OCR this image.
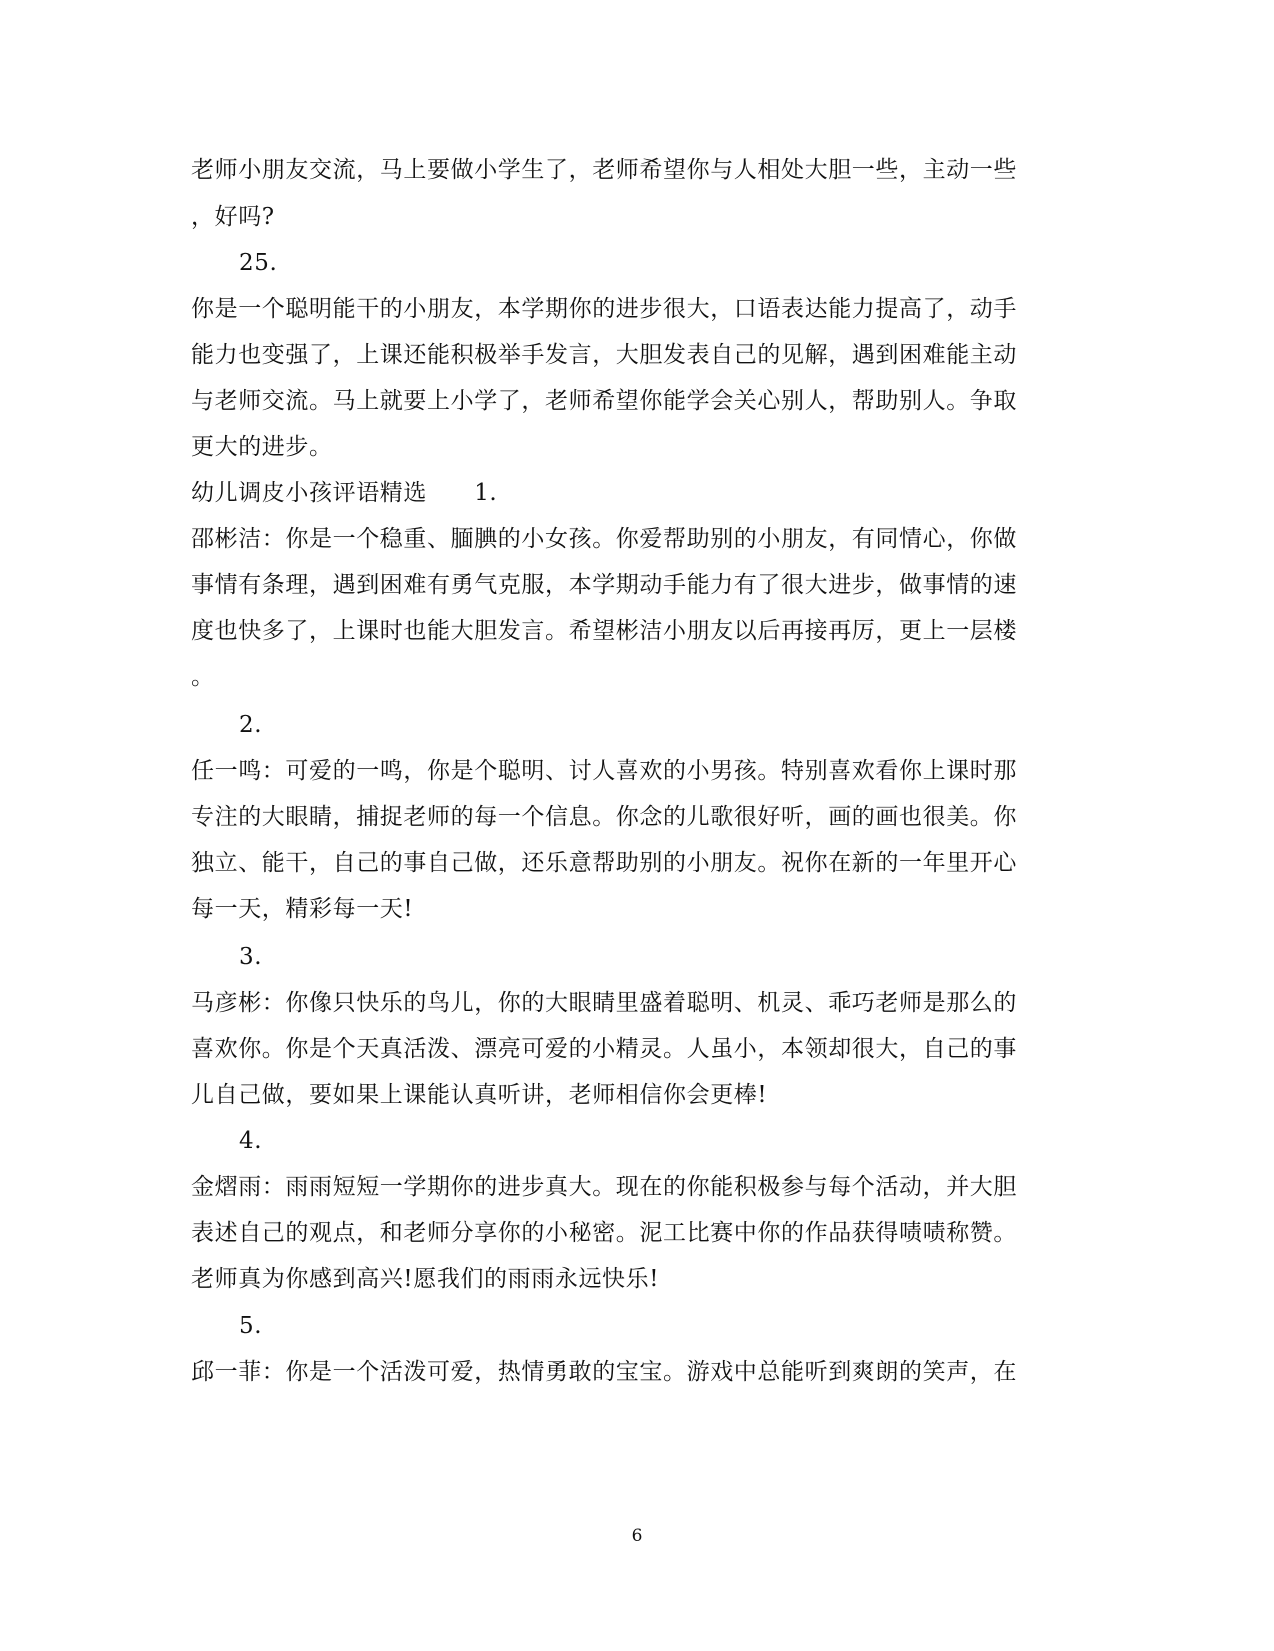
老师小朋友交流，马上要做小学生了，老师希望你与人相处大胆一些，主动一些
，好吗?
25.
你是一个聪明能干的小朋友，本学期你的进步很大，口语表达能力提高了，动手
能力也变强了，上课还能积极举手发言，大胆发表自己的见解，遇到困难能主动
与老师交流。马上就要上小学了，老师希望你能学会关心别人，帮助别人。争取
更大的进步。
幼儿调皮小孩评语精选　　1.
邵彬洁：你是一个稳重、腼腆的小女孩。你爱帮助别的小朋友，有同情心，你做
事情有条理，遇到困难有勇气克服，本学期动手能力有了很大进步，做事情的速
度也快多了，上课时也能大胆发言。希望彬洁小朋友以后再接再厉，更上一层楼
。
2.
任一鸣：可爱的一鸣，你是个聪明、讨人喜欢的小男孩。特别喜欢看你上课时那
专注的大眼睛，捕捉老师的每一个信息。你念的儿歌很好听，画的画也很美。你
独立、能干，自己的事自己做，还乐意帮助别的小朋友。祝你在新的一年里开心
每一天，精彩每一天!
3.
马彦彬：你像只快乐的鸟儿，你的大眼睛里盛着聪明、机灵、乖巧老师是那么的
喜欢你。你是个天真活泼、漂亮可爱的小精灵。人虽小，本领却很大，自己的事
儿自己做，要如果上课能认真听讲，老师相信你会更棒!
4.
金熠雨：雨雨短短一学期你的进步真大。现在的你能积极参与每个活动，并大胆
表述自己的观点，和老师分享你的小秘密。泥工比赛中你的作品获得啧啧称赞。
老师真为你感到高兴!愿我们的雨雨永远快乐!
5.
邱一菲：你是一个活泼可爱，热情勇敢的宝宝。游戏中总能听到爽朗的笑声，在
6
